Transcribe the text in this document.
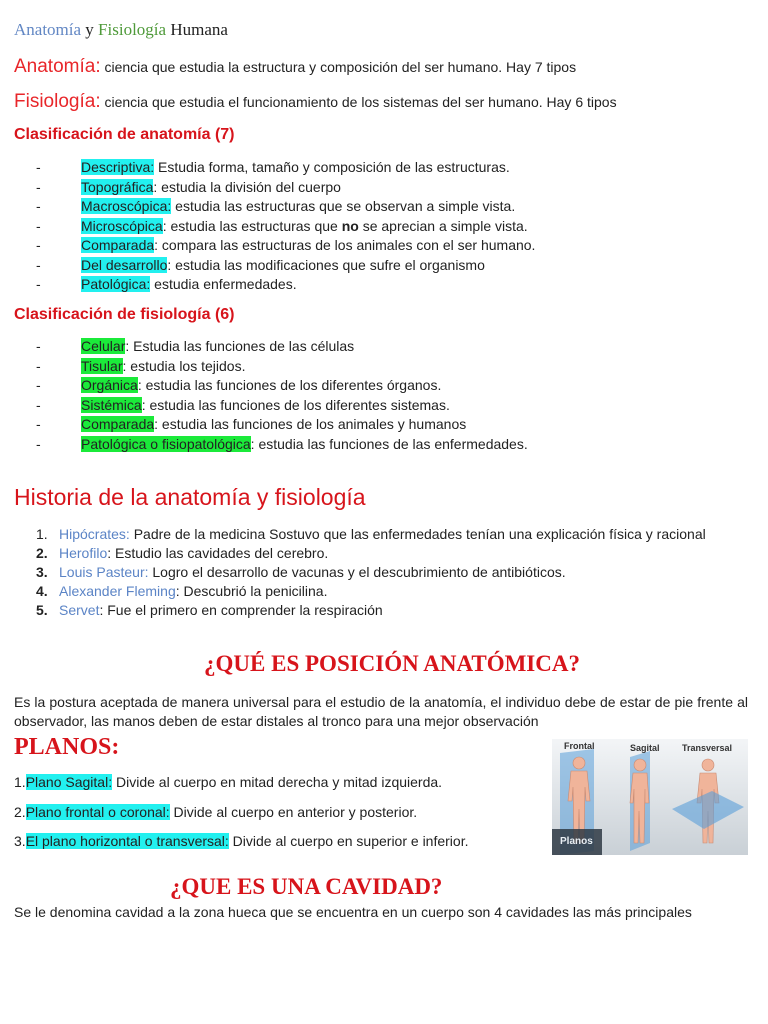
Anatomía y Fisiología Humana
Anatomía: ciencia que estudia la estructura y composición del ser humano. Hay 7 tipos
Fisiología: ciencia que estudia el funcionamiento de los sistemas del ser humano. Hay 6 tipos
Clasificación de anatomía (7)
-	Descriptiva: Estudia forma, tamaño y composición de las estructuras.
-	Topográfica: estudia la división del cuerpo
-	Macroscópica: estudia las estructuras que se observan a simple vista.
-	Microscópica: estudia las estructuras que no se aprecian a simple vista.
-	Comparada: compara las estructuras de los animales con el ser humano.
-	Del desarrollo: estudia las modificaciones que sufre el organismo
-	Patológica: estudia enfermedades.
Clasificación de fisiología (6)
-	Celular: Estudia las funciones de las células
-	Tisular: estudia los tejidos.
-	Orgánica: estudia las funciones de los diferentes órganos.
-	Sistémica: estudia las funciones de los diferentes sistemas.
-	Comparada: estudia las funciones de los animales y humanos
-	Patológica o fisiopatológica: estudia las funciones de las enfermedades.
Historia de la anatomía y fisiología
1. Hipócrates: Padre de la medicina Sostuvo que las enfermedades tenían una explicación física y racional
2. Herofilo: Estudio las cavidades del cerebro.
3. Louis Pasteur: Logro el desarrollo de vacunas y el descubrimiento de antibióticos.
4. Alexander Fleming: Descubrió la penicilina.
5. Servet: Fue el primero en comprender la respiración
¿QUÉ ES POSICIÓN ANATÓMICA?
Es la postura aceptada de manera universal para el estudio de la anatomía, el individuo debe de estar de pie frente al observador, las manos deben de estar distales al tronco para una mejor observación
PLANOS:
1.Plano Sagital: Divide al cuerpo en mitad derecha y mitad izquierda.
2.Plano frontal o coronal: Divide al cuerpo en anterior y posterior.
3.El plano horizontal o transversal: Divide al cuerpo en superior e inferior.
Frontal	Sagital Transversal
Planos
¿QUE ES UNA CAVIDAD?
Se le denomina cavidad a la zona hueca que se encuentra en un cuerpo son 4 cavidades las más principales
